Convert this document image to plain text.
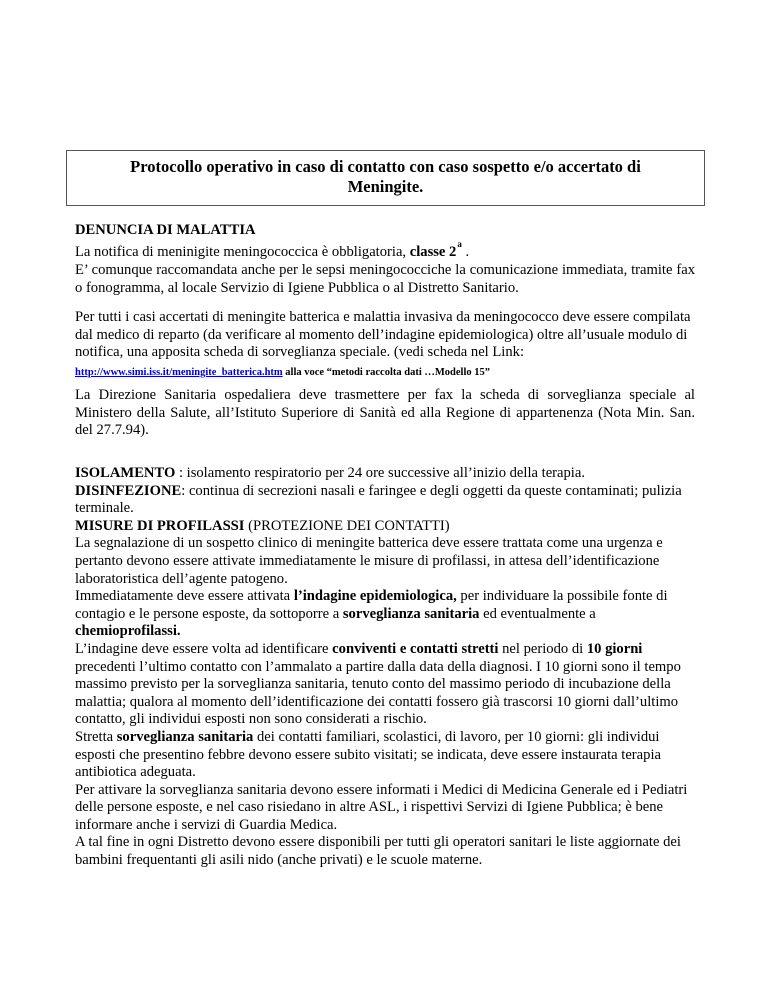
Protocollo operativo in caso di contatto con caso sospetto e/o accertato di
Meningite.

DENUNCIA DI MALATTIA

La notifica di meninigite meningococcica è obbligatoria, classe 2$^a$ .

E’ comunque raccomandata anche per le sepsi meningococciche la comunicazione immediata, tramite fax o fonogramma, al locale Servizio di Igiene Pubblica o al Distretto Sanitario.

Per tutti i casi accertati di meningite batterica e malattia invasiva da meningococco deve essere compilata dal medico di reparto (da verificare al momento dell’indagine epidemiologica) oltre all’usuale modulo di notifica, una apposita scheda di sorveglianza speciale. (vedi scheda nel Link:

http://www.simi.iss.it/meningite_batterica.htm alla voce “metodi raccolta dati …Modello 15”

La Direzione Sanitaria ospedaliera deve trasmettere per fax la scheda di sorveglianza speciale al Ministero della Salute, all’Istituto Superiore di Sanità ed alla Regione di appartenenza (Nota Min. San. del 27.7.94).

ISOLAMENTO : isolamento respiratorio per 24 ore successive all’inizio della terapia.

DISINFEZIONE: continua di secrezioni nasali e faringee e degli oggetti da queste contaminati; pulizia terminale.

MISURE DI PROFILASSI (PROTEZIONE DEI CONTATTI)

La segnalazione di un sospetto clinico di meningite batterica deve essere trattata come una urgenza e pertanto devono essere attivate immediatamente le misure di profilassi, in attesa dell’identificazione laboratoristica dell’agente patogeno.

Immediatamente deve essere attivata l’indagine epidemiologica, per individuare la possibile fonte di contagio e le persone esposte, da sottoporre a sorveglianza sanitaria ed eventualmente a chemioprofilassi.

L’indagine deve essere volta ad identificare conviventi e contatti stretti nel periodo di 10 giorni precedenti l’ultimo contatto con l’ammalato a partire dalla data della diagnosi. I 10 giorni sono il tempo massimo previsto per la sorveglianza sanitaria, tenuto conto del massimo periodo di incubazione della malattia; qualora al momento dell’identificazione dei contatti fossero già trascorsi 10 giorni dall’ultimo contatto, gli individui esposti non sono considerati a rischio.

Stretta sorveglianza sanitaria dei contatti familiari, scolastici, di lavoro, per 10 giorni: gli individui esposti che presentino febbre devono essere subito visitati; se indicata, deve essere instaurata terapia antibiotica adeguata.

Per attivare la sorveglianza sanitaria devono essere informati i Medici di Medicina Generale ed i Pediatri delle persone esposte, e nel caso risiedano in altre ASL, i rispettivi Servizi di Igiene Pubblica; è bene informare anche i servizi di Guardia Medica.

A tal fine in ogni Distretto devono essere disponibili per tutti gli operatori sanitari le liste aggiornate dei bambini frequentanti gli asili nido (anche privati) e le scuole materne.
